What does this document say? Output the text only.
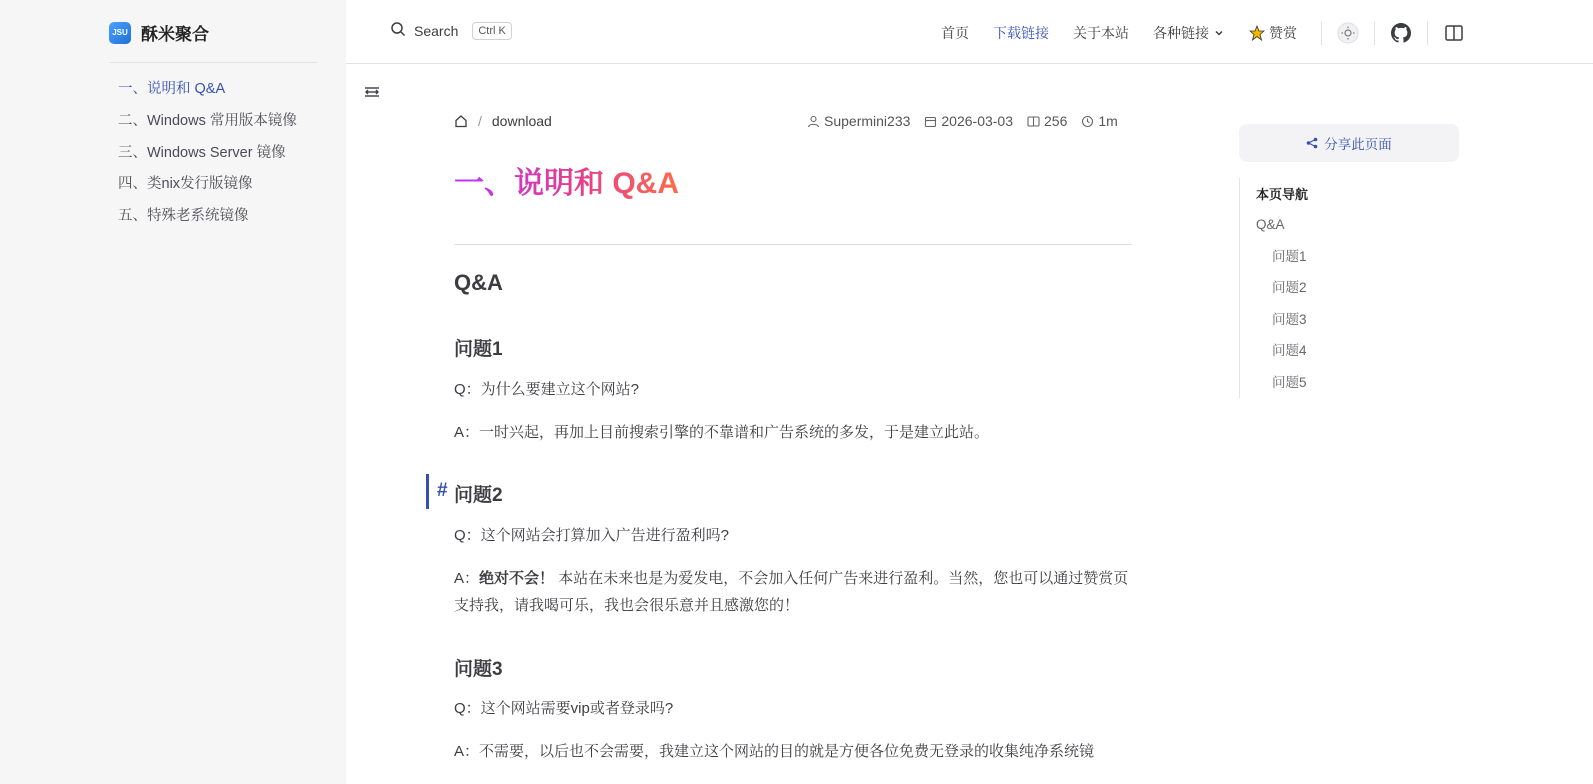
JSU 酥米聚合
一、说明和 Q&A
二、Windows 常用版本镜像
三、Windows Server 镜像
四、类nix发行版镜像
五、特殊老系统镜像
Search	Ctrl K	首页 下载链接 关于本站 各种链接	赞赏
/ download	Supermini233 2026-03-03 256 1m
一、说明和 Q&A
Q&A
问题1
Q：为什么要建立这个网站?
A：一时兴起，再加上目前搜索引擎的不靠谱和广告系统的多发，于是建立此站。
问题2
Q：这个网站会打算加入广告进行盈利吗?
A：绝对不会！ 本站在未来也是为爱发电，不会加入任何广告来进行盈利。当然，您也可以通过赞赏页支持我，请我喝可乐，我也会很乐意并且感激您的！
问题3
Q：这个网站需要vip或者登录吗?
A：不需要，以后也不会需要，我建立这个网站的目的就是方便各位免费无登录的收集纯净系统镜
#
分享此页面
本页导航
Q&A
问题1
问题2
问题3
问题4
问题5
